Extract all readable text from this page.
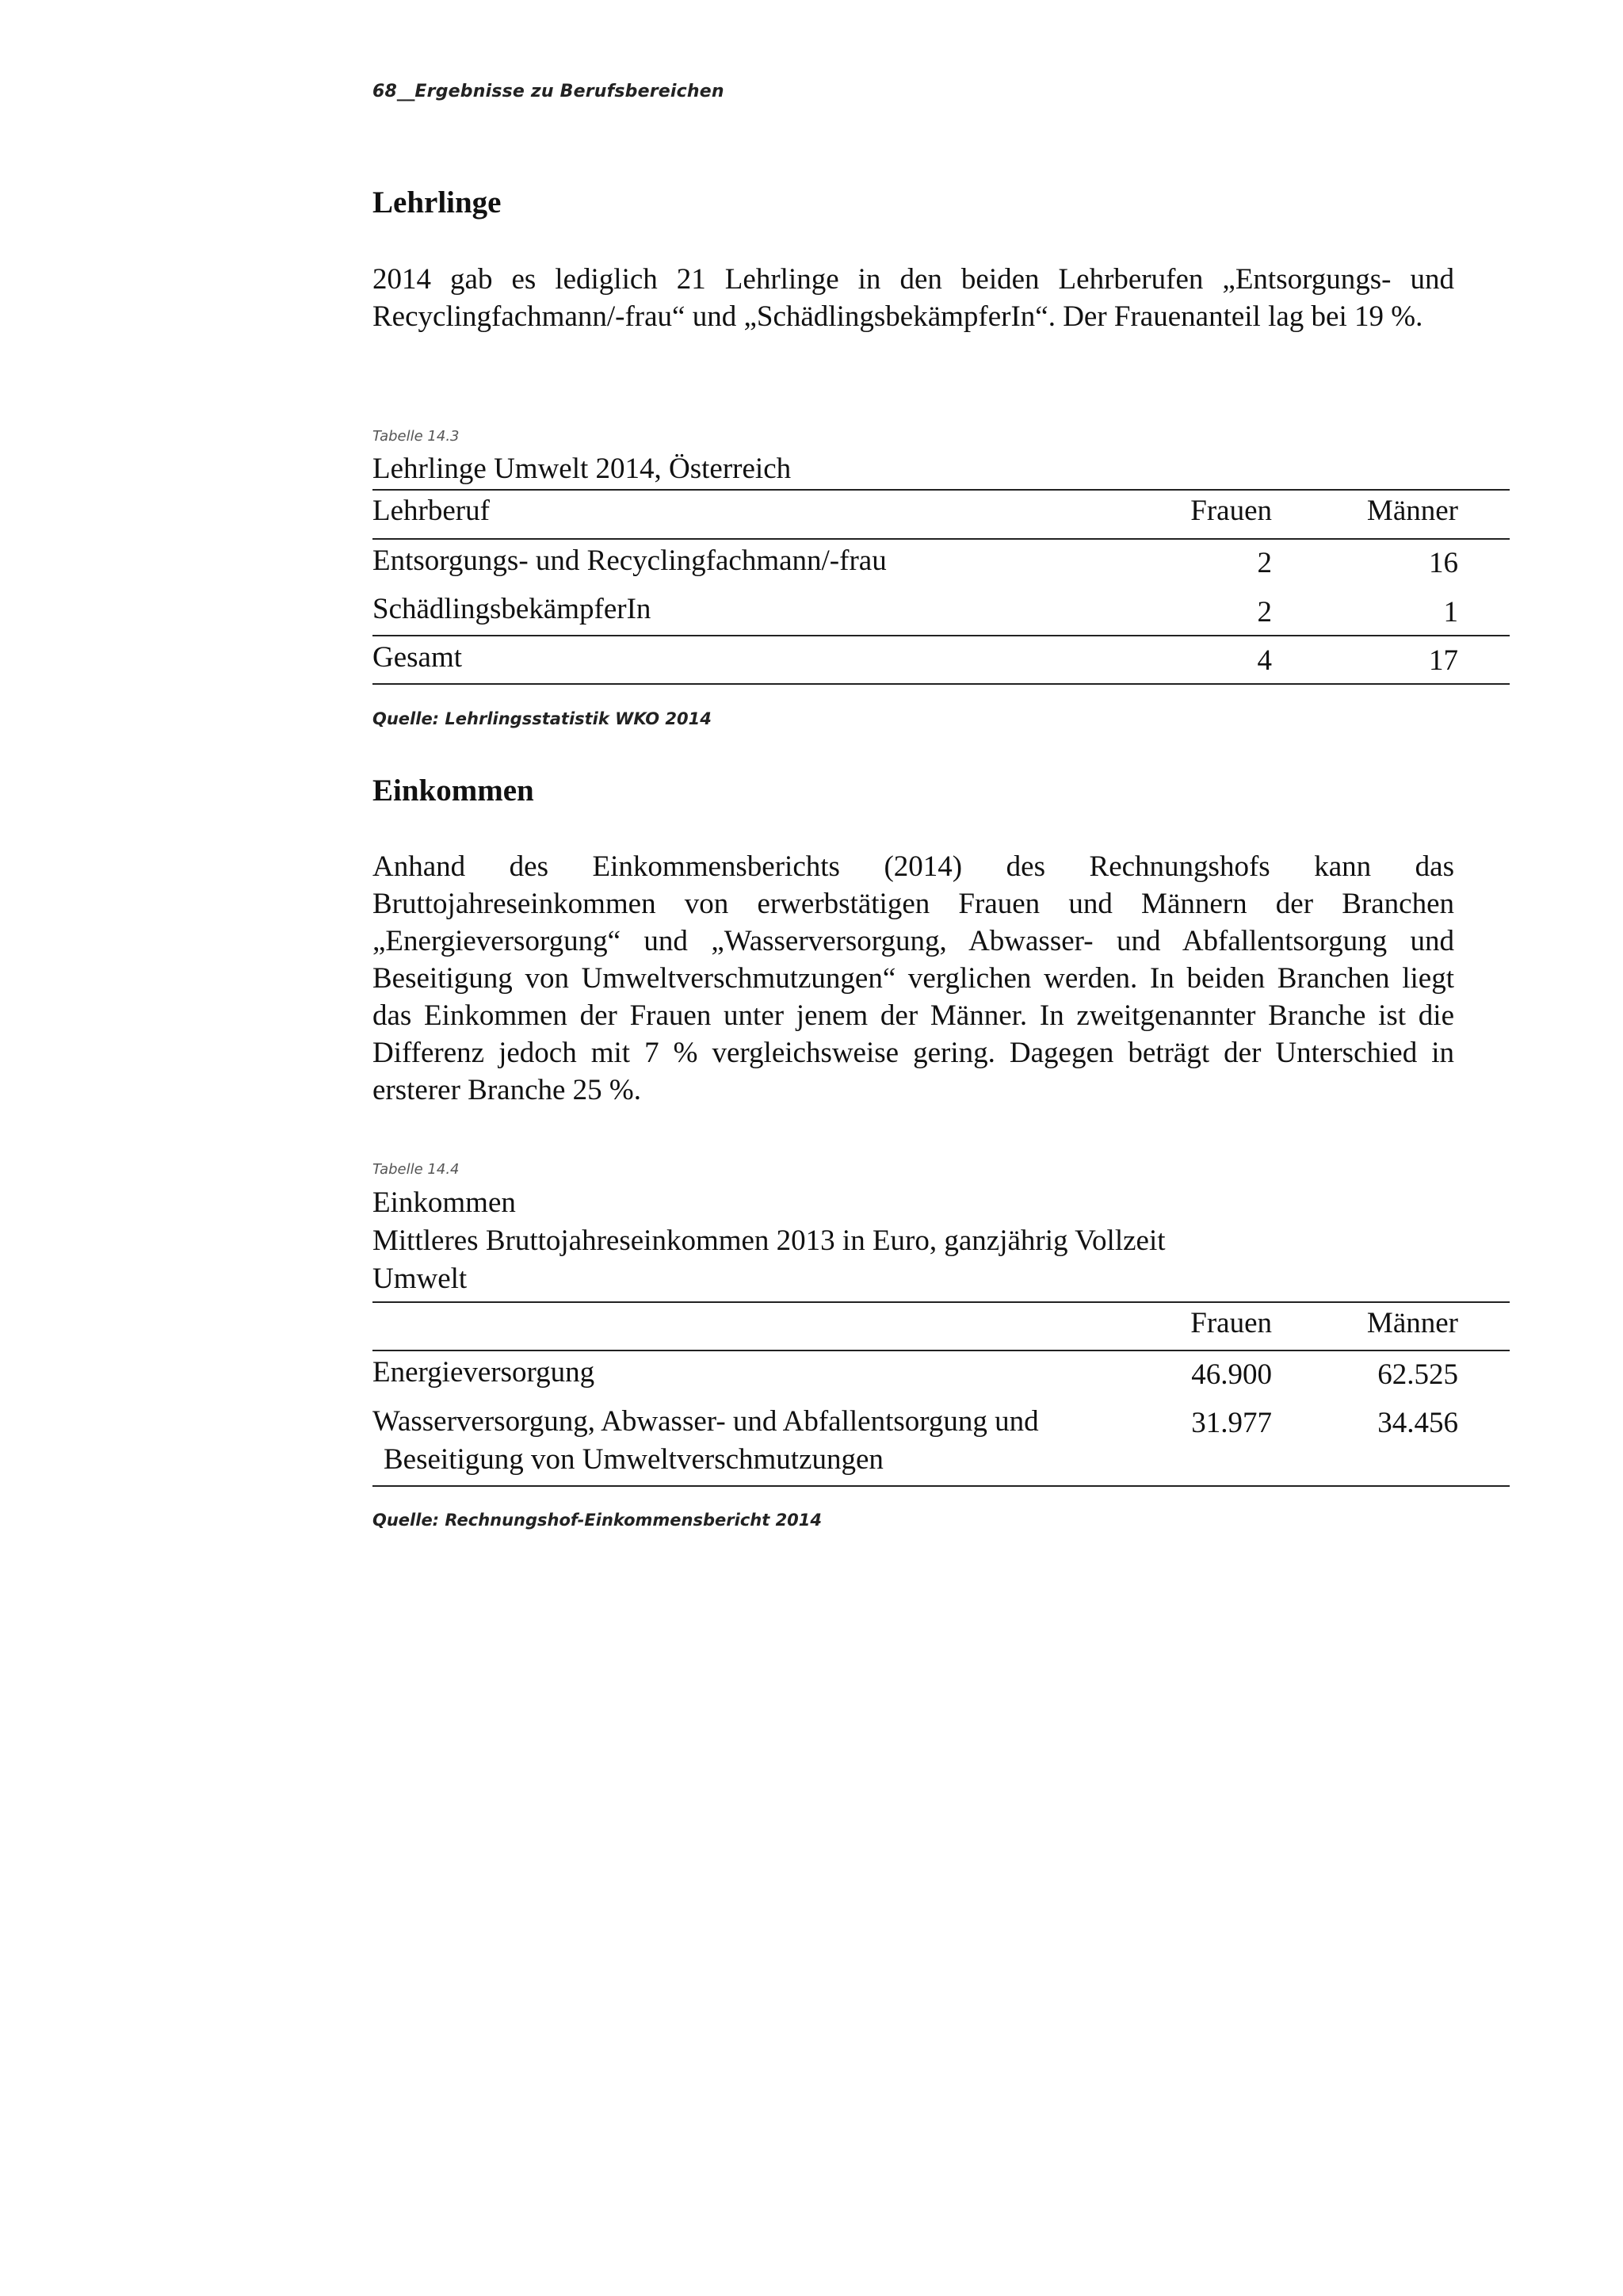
68__Ergebnisse zu Berufsbereichen
Lehrlinge
2014 gab es lediglich 21 Lehrlinge in den beiden Lehrberufen „Entsorgungs- und Recyclingfachmann/-frau“ und „SchädlingsbekämpferIn“. Der Frauenanteil lag bei 19 %.
Tabelle 14.3
Lehrlinge Umwelt 2014, Österreich
Lehrberuf	Frauen	Männer
Entsorgungs- und Recyclingfachmann/-frau	2	16
SchädlingsbekämpferIn	2	1
Gesamt	4	17
Quelle: Lehrlingsstatistik WKO 2014
Einkommen
Anhand des Einkommensberichts (2014) des Rechnungshofs kann das Bruttojahreseinkommen von erwerbstätigen Frauen und Männern der Branchen „Energieversorgung“ und „Wasserversorgung, Abwasser- und Abfallentsorgung und Beseitigung von Umweltverschmutzungen“ verglichen werden. In beiden Branchen liegt das Einkommen der Frauen unter jenem der Männer. In zweitgenannter Branche ist die Differenz jedoch mit 7 % vergleichsweise gering. Dagegen beträgt der Unterschied in ersterer Branche 25 %.
Tabelle 14.4
Einkommen
Mittleres Bruttojahreseinkommen 2013 in Euro, ganzjährig Vollzeit
Umwelt
Frauen	Männer
Energieversorgung	46.900	62.525
Wasserversorgung, Abwasser- und Abfallentsorgung und
Beseitigung von Umweltverschmutzungen
31.977	34.456
Quelle: Rechnungshof-Einkommensbericht 2014
